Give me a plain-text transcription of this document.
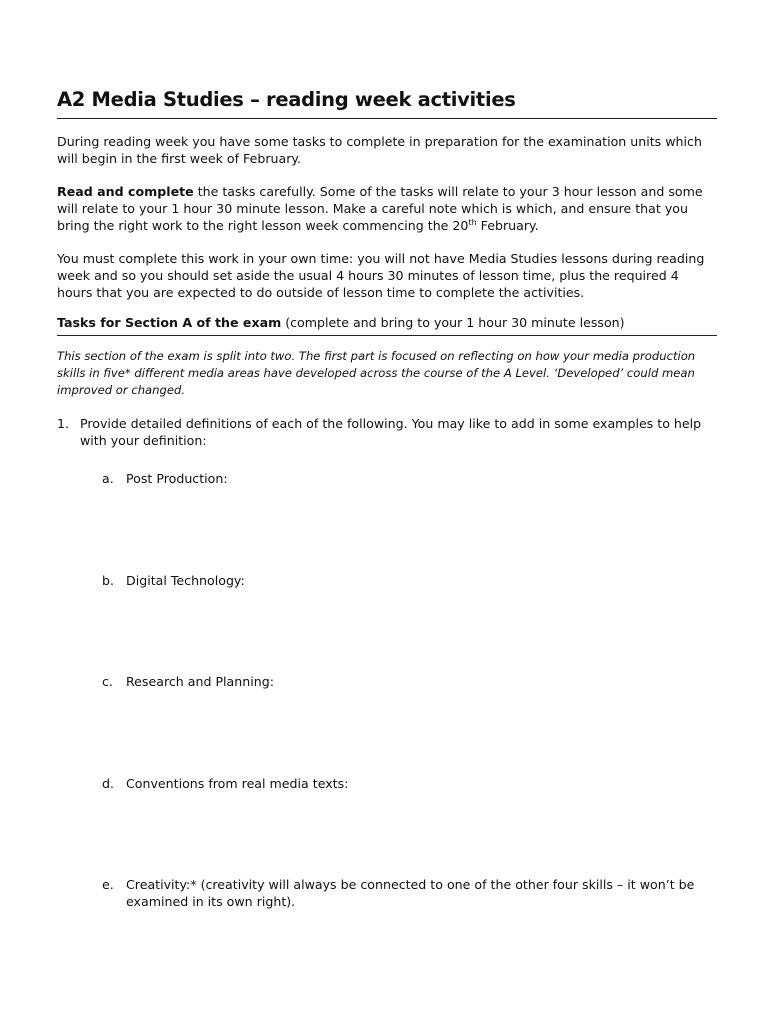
A2 Media Studies – reading week activities

During reading week you have some tasks to complete in preparation for the examination units which will begin in the first week of February.

Read and complete the tasks carefully. Some of the tasks will relate to your 3 hour lesson and some will relate to your 1 hour 30 minute lesson. Make a careful note which is which, and ensure that you bring the right work to the right lesson week commencing the 20th February.

You must complete this work in your own time: you will not have Media Studies lessons during reading week and so you should set aside the usual 4 hours 30 minutes of lesson time, plus the required 4 hours that you are expected to do outside of lesson time to complete the activities.

Tasks for Section A of the exam (complete and bring to your 1 hour 30 minute lesson)

This section of the exam is split into two. The first part is focused on reflecting on how your media production skills in five* different media areas have developed across the course of the A Level. ‘Developed’ could mean improved or changed.

1. Provide detailed definitions of each of the following. You may like to add in some examples to help with your definition:
a. Post Production:
b. Digital Technology:
c.	Research and Planning:
d. Conventions from real media texts:
e. Creativity:* (creativity will always be connected to one of the other four skills – it won’t be examined in its own right).
